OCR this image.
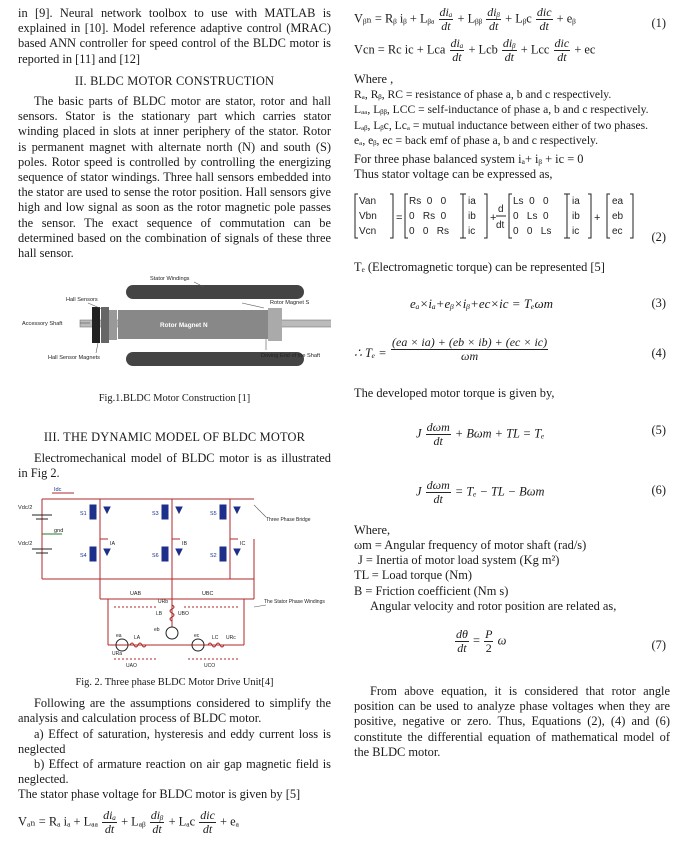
in [9]. Neural network toolbox to use with MATLAB is explained in [10]. Model reference adaptive control (MRAC) based ANN controller for speed control of the BLDC motor is reported in [11] and [12]

II. BLDC MOTOR CONSTRUCTION

The basic parts of BLDC motor are stator, rotor and hall sensors. Stator is the stationary part which carries stator winding placed in slots at inner periphery of the stator. Rotor is permanent magnet with alternate north (N) and south (S) poles. Rotor speed is controlled by controlling the energizing sequence of stator windings. Three hall sensors embedded into the stator are used to sense the rotor position. Hall sensors give high and low signal as soon as the rotor magnetic pole passes the sensor. The exact sequence of commutation can be determined based on the combination of signals of these three hall sensor.

Stator Windings
Hall Sensors	Rotor Magnet S
Accessory Shaft	Rotor Magnet N
Driving End of the Shaft
Hall Sensor Magnets
Fig.1.BLDC Motor Construction [1]
III. THE DYNAMIC MODEL OF BLDC MOTOR

Electromechanical model of BLDC motor is as illustrated in Fig 2.

Idc
Vdc/2
gnd
Vdc/2
S1	S3	S5
S4	S6	S2
IA	IB	IC
UAB	UBC
Three Phase Bridge
The Stator Phase Windings
URb
LB
eb
UBO
URa
LA
ea	LC URc
ec
UAO	UCO
Fig. 2. Three phase BLDC Motor Drive Unit[4]

Following are the assumptions considered to simplify the analysis and calculation process of BLDC motor.

a) Effect of saturation, hysteresis and eddy current loss is neglected

b) Effect of armature reaction on air gap magnetic field is neglected.

The stator phase voltage for BLDC motor is given by [5]

Vₐₙ = Rₐ iₐ + Lₐₐ $\frac{\text{diₐ}}{dt}$ + Lₐᵦ $\frac{\text{diᵦ}}{dt} + L_ac \frac{\text{dic}}{dt} + e_a$
Vᵦₙ = Rᵦ iᵦ + Lᵦₐ $\frac{\text{diₐ}}{dt}$ + Lᵦᵦ $\frac{\text{diᵦ}}{dt}$ + Lᵦc $\frac{\text{dic}}{dt}$ + eᵦ	(1)
Vcn = Rc ic + Lca $\frac{\text{diₐ}}{dt}$ + Lcb $\frac{\text{diᵦ}}{dt}$ + Lcc $\frac{\text{dic}}{dt}$ + ec

Where ,

Rₐ, Rᵦ, RC = resistance of phase a, b and c respectively.

Lₐₐ, Lᵦᵦ, LCC = self-inductance of phase a, b and c respectively.

Lₐᵦ, Lᵦc, Lcₐ = mutual inductance between either of two phases.

eₐ, eᵦ, ec = back emf of phase a, b and c respectively.

For three phase balanced system iₐ+ iᵦ + ic = 0

Thus stator voltage can be expressed as,

=	+	+
d
dt
Van
Vbn
Vcn
Rs  0   0
0   Rs  0
0   0   Rs
ia
ib
ic
Ls  0   0
0   Ls  0
0   0   Ls
ia
ib
ic
ea
eb
ec (2)

Tₑ (Electromagnetic torque) can be represented [5]

eₐ×iₐ+eᵦ×iᵦ+ec×ic = Tₑωm	(3)
∴ $T_e = \frac{(ea \times ia) + (eb \times ib) + (ec \times ic)}{\omega m}$	(4)

The developed motor torque is given by,

J $\frac{\text{dωm}}{dt} + B\omega m$ + TL = Tₑ	(5)
J $\frac{\text{dωm}}{dt} = T_e$ − TL − Bωm	(6)

Where,

ωm = Angular frequency of motor shaft (rad/s)

J = Inertia of motor load system (Kg m²)

TL = Load torque (Nm)

B = Friction coefficient (Nm s)

Angular velocity and rotor position are related as,

$\frac{d\theta}{dt} = \frac{P}{2}$ ω	(7)

From above equation, it is considered that rotor angle position can be used to analyze phase voltages when they are positive, negative or zero. Thus, Equations (2), (4) and (6) constitute the differential equation of mathematical model of the BLDC motor.
